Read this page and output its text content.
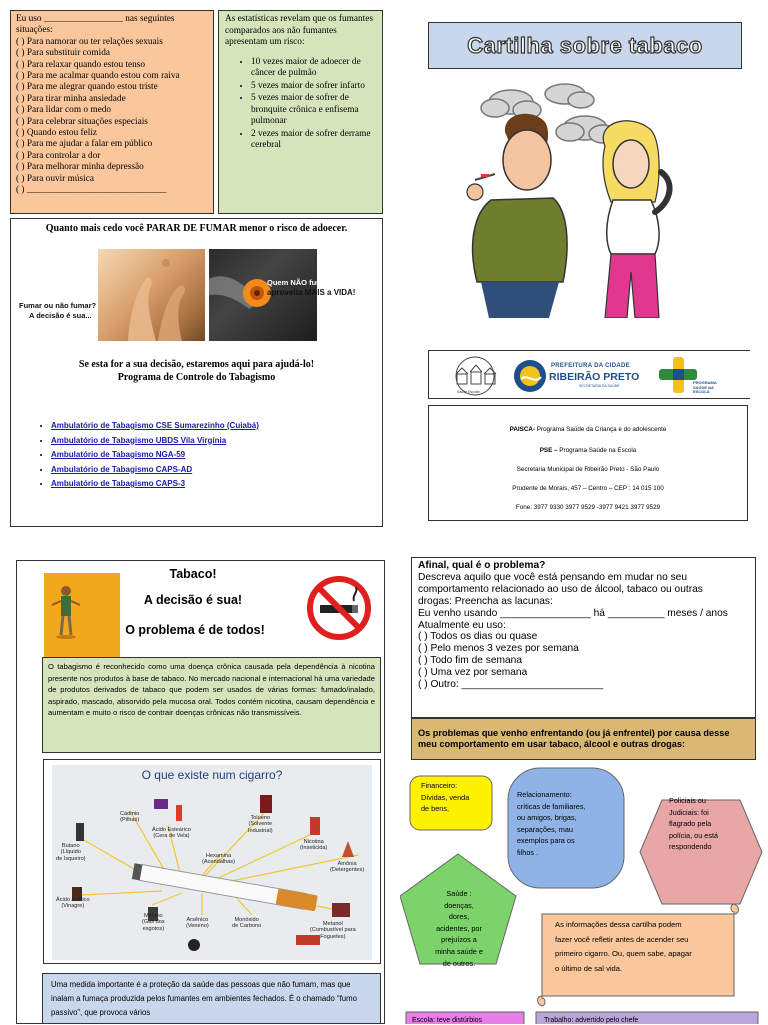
Eu uso _________________ nas seguintes situações:
( ) Para namorar ou ter relações sexuais
( ) Para substituir comida
( ) Para relaxar quando estou tenso
( ) Para me acalmar quando estou com raiva
( ) Para me alegrar quando estou triste
( ) Para tirar minha ansiedade
( ) Para lidar com o medo
( ) Para celebrar situações especiais
( ) Quando estou feliz
( ) Para me ajudar a falar em público
( ) Para controlar a dor
( ) Para melhorar minha depressão
( ) Para ouvir música
( ) ______________________________
As estatísticas revelam que os fumantes comparados aos não fumantes apresentam um risco:
• 10 vezes maior de adoecer de câncer de pulmão
• 5 vezes maior de sofrer infarto
• 5 vezes maior de sofrer de bronquite crônica e enfisema pulmonar
• 2 vezes maior de sofrer derrame cerebral
Quanto mais cedo você PARAR DE FUMAR menor o risco de adoecer.
Fumar ou não fumar?
A decisão é sua...
Quem NÃO fuma
aproveita MAIS a VIDA!
Se esta for a sua decisão, estaremos aqui para ajudá-lo!
Programa de Controle do Tabagismo
• Ambulatório de Tabagismo CSE Sumarezinho (Cuiabá)
• Ambulatório de Tabagismo UBDS Vila Virgínia
• Ambulatório de Tabagismo NGA-59
• Ambulatório de Tabagismo CAPS-AD
• Ambulatório de Tabagismo CAPS-3
Cartilha sobre tabaco
Saúde Escolar
PREFEITURA DA CIDADE
RIBEIRÃO PRETO
SECRETARIA DA SAÚDE
PROGRAMA SAÚDE NA ESCOLA
PAISCA- Programa Saúde da Criança e do adolescente
PSE – Programa Saúde na Escola
Secretaria Municipal de Ribeirão Preto - São Paulo
Prudente de Morais, 457 – Centro – CEP : 14 015 100
Fone: 3977 9330 3977 9529 -3977 9421 3977 9529
Tabaco!
A decisão é sua!
O problema é de todos!
O tabagismo é reconhecido como uma doença crônica causada pela dependência à nicotina presente nos produtos à base de tabaco. No mercado nacional e internacional há uma variedade de produtos derivados de tabaco que podem ser usados de várias formas: fumado/inalado, aspirado, mascado, absorvido pela mucosa oral. Todos contém nicotina, causam dependência e aumentam e muito o risco de contrair doenças crônicas não transmissíveis.
O que existe num cigarro?
Cádmio
(Pilhas)
Ácido Esteárico
(Cera de Vela)
Tolueno
(Solvente
Industrial)
Butano
(Líquido
de Isqueiro)	Hexamina
(Acendalhas)
Nicotina
(Inseticida)
Amônia
(Detergentes)
Ácido Acético
(Vinagre)
Metano
(Gás dos
esgotos)
Arsênico
(Veneno)
Monóxido
de Carbono	Metanol
(Combustível para
Foguetes)
Uma medida importante é a proteção da saúde das pessoas que não fumam, mas que inalam a fumaça produzida pelos fumantes em ambientes fechados. É o chamado “fumo passivo”, que provoca vários
Afinal, qual é o problema?
Descreva aquilo que você está pensando em mudar no seu
comportamento relacionado ao uso de álcool, tabaco ou outras
drogas: Preencha as lacunas:
Eu venho usando ________________ há __________ meses / anos
Atualmente eu uso:
( ) Todos os dias ou quase
( ) Pelo menos 3 vezes por semana
( ) Todo fim de semana
( ) Uma vez por semana
( ) Outro: _________________________
Os problemas que venho enfrentando (ou já enfrentei) por causa desse meu comportamento em usar tabaco, álcool e outras drogas:
Financeiro:
Dívidas, venda
de bens,
Relacionamento:
críticas de familiares,
ou amigos, brigas,
separações, mau
exemplos para os
filhos .
Policiais ou
Judiciais: foi
flagrado pela
polícia, ou está
respondendo
Saúde :
doenças,
dores,
acidentes, por
prejuízos a
minha saúde e
de outros.
As informações dessa cartilha podem
fazer você refletir antes de acender seu
primeiro cigarro. Ou, quem sabe, apagar
o último de sal vida.
Escola: teve distúrbios	Trabalho: advertido pelo chefe
